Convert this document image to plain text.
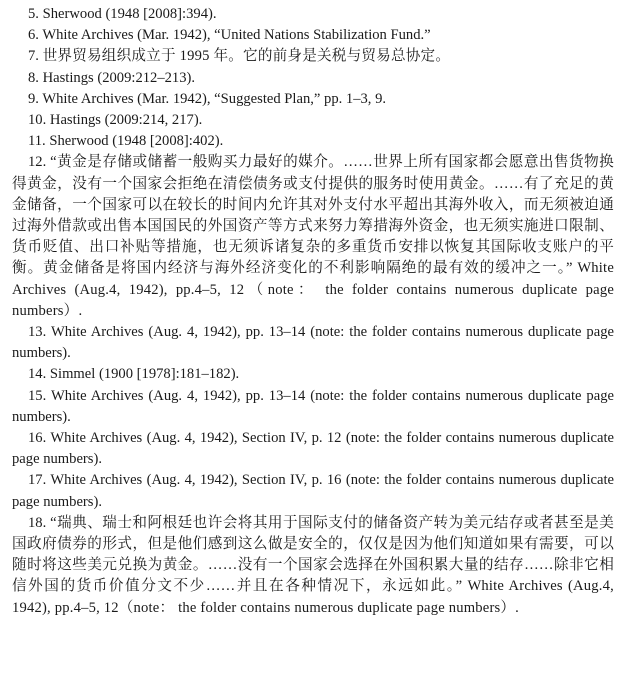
5. Sherwood (1948 [2008]:394).

6. White Archives (Mar. 1942), “United Nations Stabilization Fund.”

7. 世界贸易组织成立于 1995 年。它的前身是关税与贸易总协定。

8. Hastings (2009:212–213).

9. White Archives (Mar. 1942), “Suggested Plan,” pp. 1–3, 9.

10. Hastings (2009:214, 217).

11. Sherwood (1948 [2008]:402).

12. “黄金是存储或储蓄一般购买力最好的媒介。……世界上所有国家都会愿意出售货物换得黄金，没有一个国家会拒绝在清偿债务或支付提供的服务时使用黄金。……有了充足的黄金储备，一个国家可以在较长的时间内允许其对外支付水平超出其海外收入，而无须被迫通过海外借款或出售本国国民的外国资产等方式来努力筹措海外资金，也无须实施进口限制、货币贬值、出口补贴等措施，也无须诉诸复杂的多重货币安排以恢复其国际收支账户的平衡。黄金储备是将国内经济与海外经济变化的不利影响隔绝的最有效的缓冲之一。” White Archives (Aug.4, 1942), pp.4–5, 12（note： the folder contains numerous duplicate page numbers）.

13. White Archives (Aug. 4, 1942), pp. 13–14 (note: the folder contains numerous duplicate page numbers).

14. Simmel (1900 [1978]:181–182).

15. White Archives (Aug. 4, 1942), pp. 13–14 (note: the folder contains numerous duplicate page numbers).

16. White Archives (Aug. 4, 1942), Section IV, p. 12 (note: the folder contains numerous duplicate page numbers).

17. White Archives (Aug. 4, 1942), Section IV, p. 16 (note: the folder contains numerous duplicate page numbers).

18. “瑞典、瑞士和阿根廷也许会将其用于国际支付的储备资产转为美元结存或者甚至是美国政府债券的形式，但是他们感到这么做是安全的，仅仅是因为他们知道如果有需要，可以随时将这些美元兑换为黄金。……没有一个国家会选择在外国积累大量的结存……除非它相信外国的货币价值分文不少……并且在各种情况下，永远如此。” White Archives (Aug.4, 1942), pp.4–5, 12（note： the folder contains numerous duplicate page numbers）.
